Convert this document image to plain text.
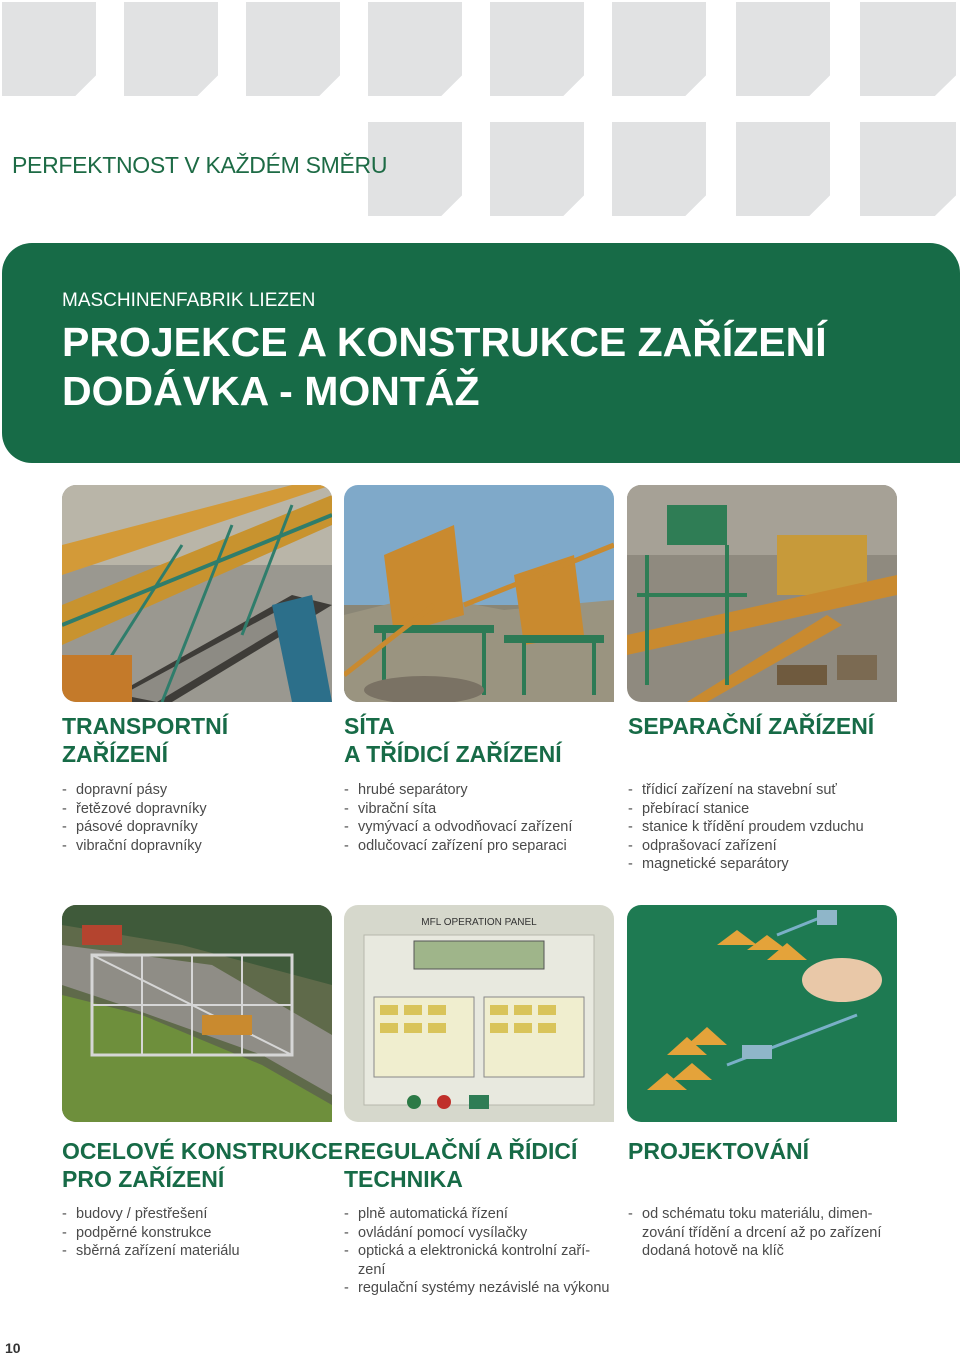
PERFEKTNOST V KAŽDÉM SMĚRU
MASCHINENFABRIK LIEZEN
PROJEKCE A KONSTRUKCE ZAŘÍZENÍ
DODÁVKA - MONTÁŽ
TRANSPORTNÍ
ZAŘÍZENÍ
- dopravní pásy
- řetězové dopravníky
- pásové dopravníky
- vibrační dopravníky
SÍTA
A TŘÍDICÍ ZAŘÍZENÍ
- hrubé separátory
- vibrační síta
- vymývací a odvodňovací zařízení
- odlučovací zařízení pro separaci
SEPARAČNÍ ZAŘÍZENÍ
- třídicí zařízení na stavební suť
- přebírací stanice
- stanice k třídění proudem vzduchu
- odprašovací zařízení
- magnetické separátory
MFL OPERATION PANEL
OCELOVÉ KONSTRUKCE
PRO ZAŘÍZENÍ
- budovy / přestřešení
- podpěrné konstrukce
- sběrná zařízení materiálu
REGULAČNÍ A ŘÍDICÍ
TECHNIKA
- plně automatická řízení
- ovládání pomocí vysílačky
- optická a elektronická kontrolní zaří-
zení
- regulační systémy nezávislé na výkonu
PROJEKTOVÁNÍ
- od schématu toku materiálu, dimen-
zování třídění a drcení až po zařízení
dodaná hotově na klíč
10
